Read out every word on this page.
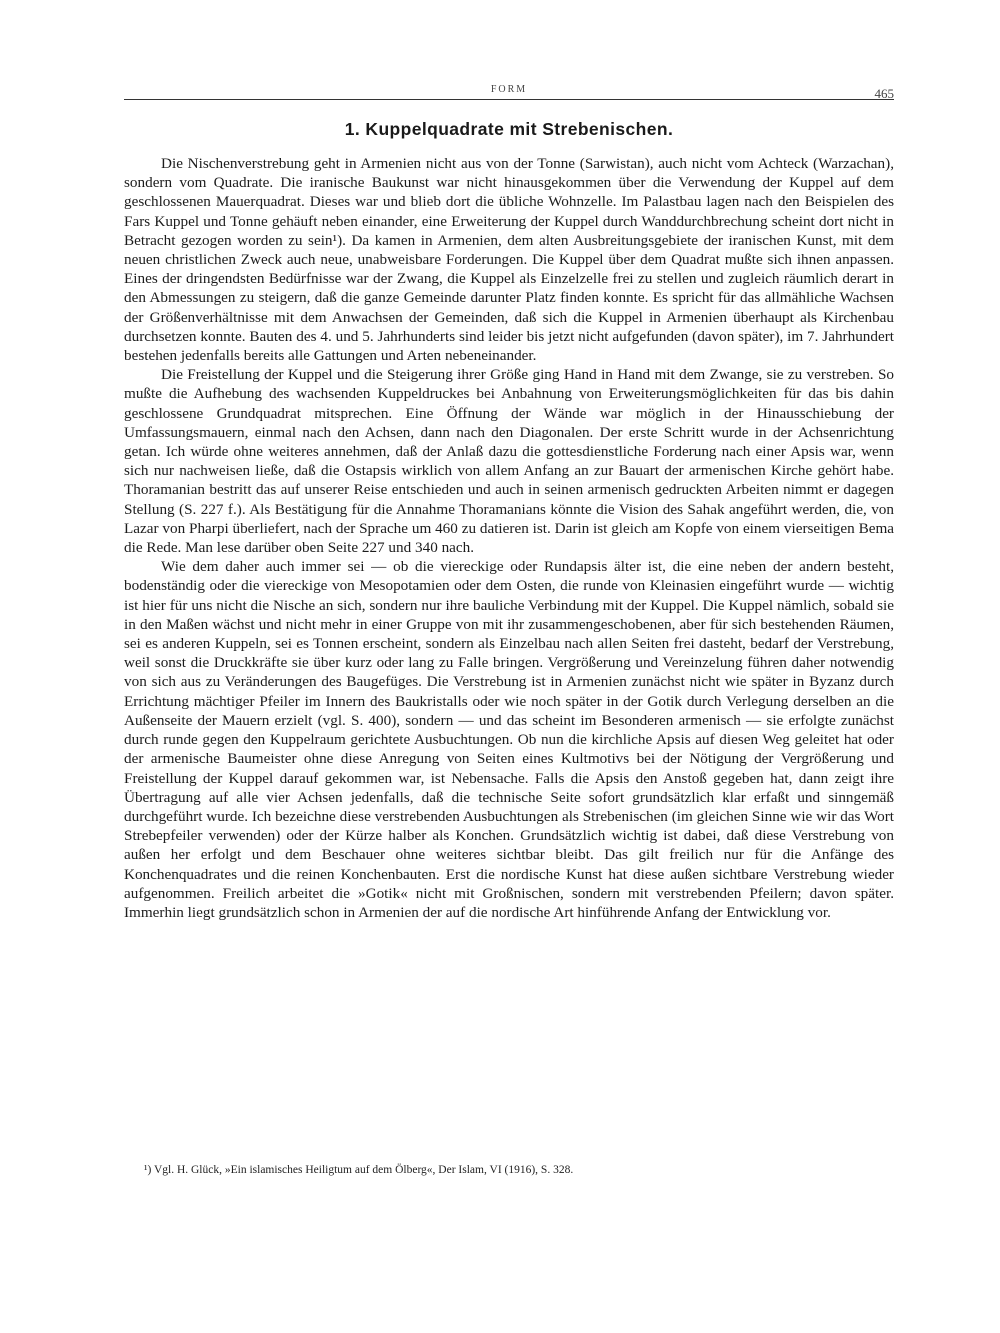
FORM	465
1. Kuppelquadrate mit Strebenischen.

Die Nischenverstrebung geht in Armenien nicht aus von der Tonne (Sarwistan), auch nicht vom Achteck (Warzachan), sondern vom Quadrate. Die iranische Baukunst war nicht hinausgekommen über die Verwendung der Kuppel auf dem geschlossenen Mauerquadrat. Dieses war und blieb dort die übliche Wohnzelle. Im Palastbau lagen nach den Beispielen des Fars Kuppel und Tonne gehäuft neben einander, eine Erweiterung der Kuppel durch Wanddurchbrechung scheint dort nicht in Betracht gezogen worden zu sein¹). Da kamen in Armenien, dem alten Ausbreitungsgebiete der iranischen Kunst, mit dem neuen christlichen Zweck auch neue, unabweisbare Forderungen. Die Kuppel über dem Quadrat mußte sich ihnen anpassen. Eines der dringendsten Bedürfnisse war der Zwang, die Kuppel als Einzelzelle frei zu stellen und zugleich räumlich derart in den Abmessungen zu steigern, daß die ganze Gemeinde darunter Platz finden konnte. Es spricht für das allmähliche Wachsen der Größenverhältnisse mit dem Anwachsen der Gemeinden, daß sich die Kuppel in Armenien überhaupt als Kirchenbau durchsetzen konnte. Bauten des 4. und 5. Jahrhunderts sind leider bis jetzt nicht aufgefunden (davon später), im 7. Jahrhundert bestehen jedenfalls bereits alle Gattungen und Arten nebeneinander.

Die Freistellung der Kuppel und die Steigerung ihrer Größe ging Hand in Hand mit dem Zwange, sie zu verstreben. So mußte die Aufhebung des wachsenden Kuppeldruckes bei Anbahnung von Erweiterungsmöglichkeiten für das bis dahin geschlossene Grundquadrat mitsprechen. Eine Öffnung der Wände war möglich in der Hinausschiebung der Umfassungsmauern, einmal nach den Achsen, dann nach den Diagonalen. Der erste Schritt wurde in der Achsenrichtung getan. Ich würde ohne weiteres annehmen, daß der Anlaß dazu die gottesdienstliche Forderung nach einer Apsis war, wenn sich nur nachweisen ließe, daß die Ostapsis wirklich von allem Anfang an zur Bauart der armenischen Kirche gehört habe. Thoramanian bestritt das auf unserer Reise entschieden und auch in seinen armenisch gedruckten Arbeiten nimmt er dagegen Stellung (S. 227 f.). Als Bestätigung für die Annahme Thoramanians könnte die Vision des Sahak angeführt werden, die, von Lazar von Pharpi überliefert, nach der Sprache um 460 zu datieren ist. Darin ist gleich am Kopfe von einem vierseitigen Bema die Rede. Man lese darüber oben Seite 227 und 340 nach.

Wie dem daher auch immer sei — ob die viereckige oder Rundapsis älter ist, die eine neben der andern besteht, bodenständig oder die viereckige von Mesopotamien oder dem Osten, die runde von Kleinasien eingeführt wurde — wichtig ist hier für uns nicht die Nische an sich, sondern nur ihre bauliche Verbindung mit der Kuppel. Die Kuppel nämlich, sobald sie in den Maßen wächst und nicht mehr in einer Gruppe von mit ihr zusammengeschobenen, aber für sich bestehenden Räumen, sei es anderen Kuppeln, sei es Tonnen erscheint, sondern als Einzelbau nach allen Seiten frei dasteht, bedarf der Verstrebung, weil sonst die Druckkräfte sie über kurz oder lang zu Falle bringen. Vergrößerung und Vereinzelung führen daher notwendig von sich aus zu Veränderungen des Baugefüges. Die Verstrebung ist in Armenien zunächst nicht wie später in Byzanz durch Errichtung mächtiger Pfeiler im Innern des Baukristalls oder wie noch später in der Gotik durch Verlegung derselben an die Außenseite der Mauern erzielt (vgl. S. 400), sondern — und das scheint im Besonderen armenisch — sie erfolgte zunächst durch runde gegen den Kuppelraum gerichtete Ausbuchtungen. Ob nun die kirchliche Apsis auf diesen Weg geleitet hat oder der armenische Baumeister ohne diese Anregung von Seiten eines Kultmotivs bei der Nötigung der Vergrößerung und Freistellung der Kuppel darauf gekommen war, ist Nebensache. Falls die Apsis den Anstoß gegeben hat, dann zeigt ihre Übertragung auf alle vier Achsen jedenfalls, daß die technische Seite sofort grundsätzlich klar erfaßt und sinngemäß durchgeführt wurde. Ich bezeichne diese verstrebenden Ausbuchtungen als Strebenischen (im gleichen Sinne wie wir das Wort Strebepfeiler verwenden) oder der Kürze halber als Konchen. Grundsätzlich wichtig ist dabei, daß diese Verstrebung von außen her erfolgt und dem Beschauer ohne weiteres sichtbar bleibt. Das gilt freilich nur für die Anfänge des Konchenquadrates und die reinen Konchenbauten. Erst die nordische Kunst hat diese außen sichtbare Verstrebung wieder aufgenommen. Freilich arbeitet die »Gotik« nicht mit Großnischen, sondern mit verstrebenden Pfeilern; davon später. Immerhin liegt grundsätzlich schon in Armenien der auf die nordische Art hinführende Anfang der Entwicklung vor.

¹) Vgl. H. Glück, »Ein islamisches Heiligtum auf dem Ölberg«, Der Islam, VI (1916), S. 328.
